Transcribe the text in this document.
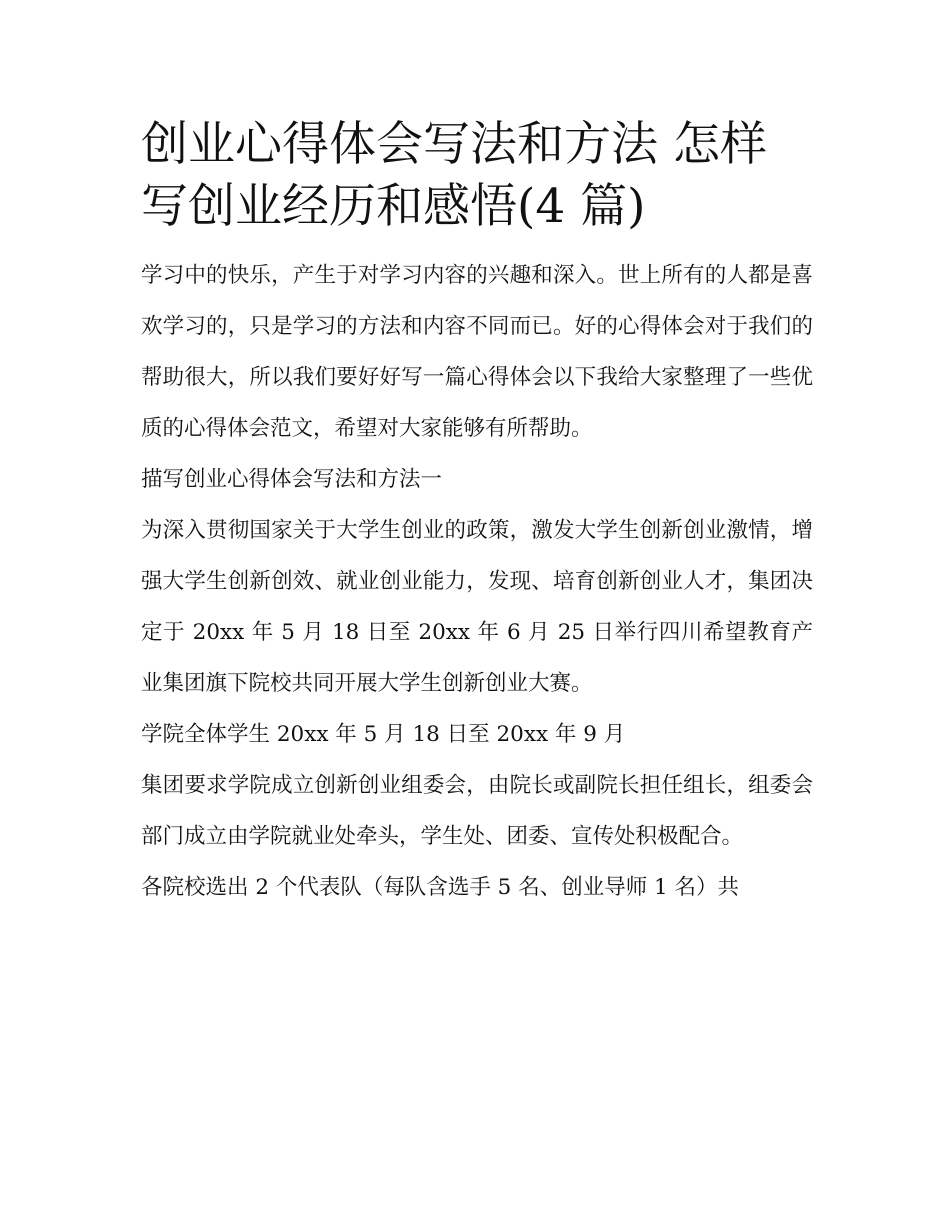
创业心得体会写法和方法 怎样写创业经历和感悟(4 篇)

学习中的快乐，产生于对学习内容的兴趣和深入。世上所有的人都是喜欢学习的，只是学习的方法和内容不同而已。好的心得体会对于我们的帮助很大，所以我们要好好写一篇心得体会以下我给大家整理了一些优质的心得体会范文，希望对大家能够有所帮助。

描写创业心得体会写法和方法一

为深入贯彻国家关于大学生创业的政策，激发大学生创新创业激情，增强大学生创新创效、就业创业能力，发现、培育创新创业人才，集团决定于 20xx 年 5 月 18 日至 20xx 年 6 月 25 日举行四川希望教育产业集团旗下院校共同开展大学生创新创业大赛。

学院全体学生 20xx 年 5 月 18 日至 20xx 年 9 月

集团要求学院成立创新创业组委会，由院长或副院长担任组长，组委会部门成立由学院就业处牵头，学生处、团委、宣传处积极配合。

各院校选出 2 个代表队（每队含选手 5 名、创业导师 1 名）共
